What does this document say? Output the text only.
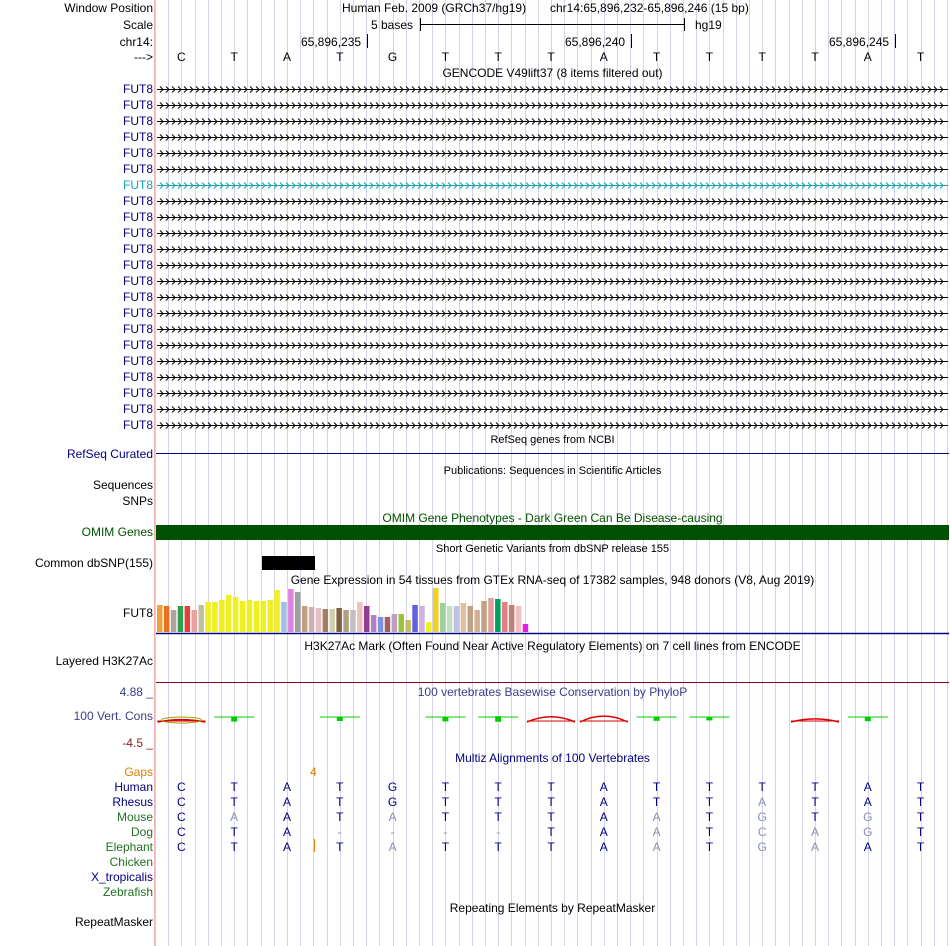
Window Position	Human Feb. 2009 (GRCh37/hg19) chr14:65,896,232-65,896,246 (15 bp)
Scale	5 bases	hg19
chr14:	65,896,235	65,896,240	65,896,245
--->	C	T	A	T	G	T	T	T	A	T	T	T	T	A	T
GENCODE V49lift37 (8 items filtered out)
FUT8
FUT8
FUT8
FUT8
FUT8
FUT8
FUT8
FUT8
FUT8
FUT8
FUT8
FUT8
FUT8
FUT8
FUT8
FUT8
FUT8
FUT8
FUT8
FUT8
FUT8
FUT8
RefSeq genes from NCBI
RefSeq Curated
Publications: Sequences in Scientific Articles
Sequences
SNPs
OMIM Gene Phenotypes - Dark Green Can Be Disease-causing
OMIM Genes
Short Genetic Variants from dbSNP release 155
Common dbSNP(155)
Gene Expression in 54 tissues from GTEx RNA-seq of 17382 samples, 948 donors (V8, Aug 2019)
FUT8
H3K27Ac Mark (Often Found Near Active Regulatory Elements) on 7 cell lines from ENCODE
Layered H3K27Ac
100 vertebrates Basewise Conservation by PhyloP
4.88 _
100 Vert. Cons
-4.5 _
Multiz Alignments of 100 Vertebrates
Gaps	4
Human	C	T	A	T	G	T	T	T	A	T	T	T	T	A	T
Rhesus	C	T	A	T	G	T	T	T	A	T	T	A	T	A	T
Mouse	C	A	A	T	A	T	T	T	A	A	T	G	T	G	T
Dog	C	T	A	-	-	-	-	T	A	A	T	C	A	G	T
Elephant	C	T	A	T	A	T	T	T	A	A	T	G	A	A	T
Chicken
X_tropicalis
Zebrafish
Repeating Elements by RepeatMasker
RepeatMasker
